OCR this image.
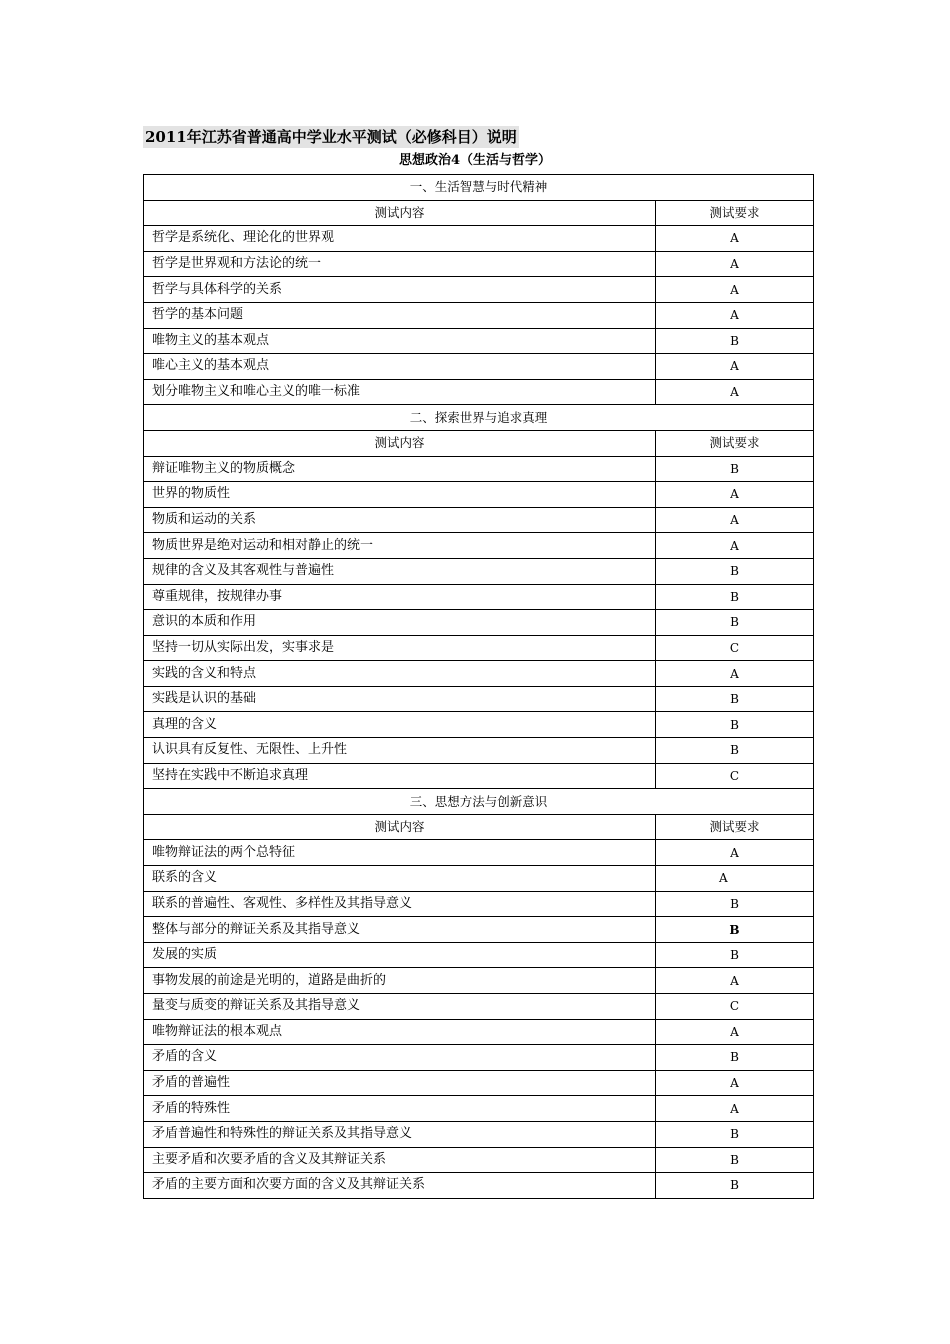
2011年江苏省普通高中学业水平测试（必修科目）说明
思想政治4（生活与哲学）
一、生活智慧与时代精神	
测试内容	测试要求
哲学是系统化、理论化的世界观	A
哲学是世界观和方法论的统一	A
哲学与具体科学的关系	A
哲学的基本问题	A
唯物主义的基本观点	B
唯心主义的基本观点	A
划分唯物主义和唯心主义的唯一标准	A
二、探索世界与追求真理	
测试内容	测试要求
辩证唯物主义的物质概念	B
世界的物质性	A
物质和运动的关系	A
物质世界是绝对运动和相对静止的统一	A
规律的含义及其客观性与普遍性	B
尊重规律，按规律办事	B
意识的本质和作用	B
坚持一切从实际出发，实事求是	C
实践的含义和特点	A
实践是认识的基础	B
真理的含义	B
认识具有反复性、无限性、上升性	B
坚持在实践中不断追求真理	C
三、思想方法与创新意识	
测试内容	测试要求
唯物辩证法的两个总特征	A
联系的含义	A
联系的普遍性、客观性、多样性及其指导意义	B
整体与部分的辩证关系及其指导意义	B
发展的实质	B
事物发展的前途是光明的，道路是曲折的	A
量变与质变的辩证关系及其指导意义	C
唯物辩证法的根本观点	A
矛盾的含义	B
矛盾的普遍性	A
矛盾的特殊性	A
矛盾普遍性和特殊性的辩证关系及其指导意义	B
主要矛盾和次要矛盾的含义及其辩证关系	B
矛盾的主要方面和次要方面的含义及其辩证关系	B
